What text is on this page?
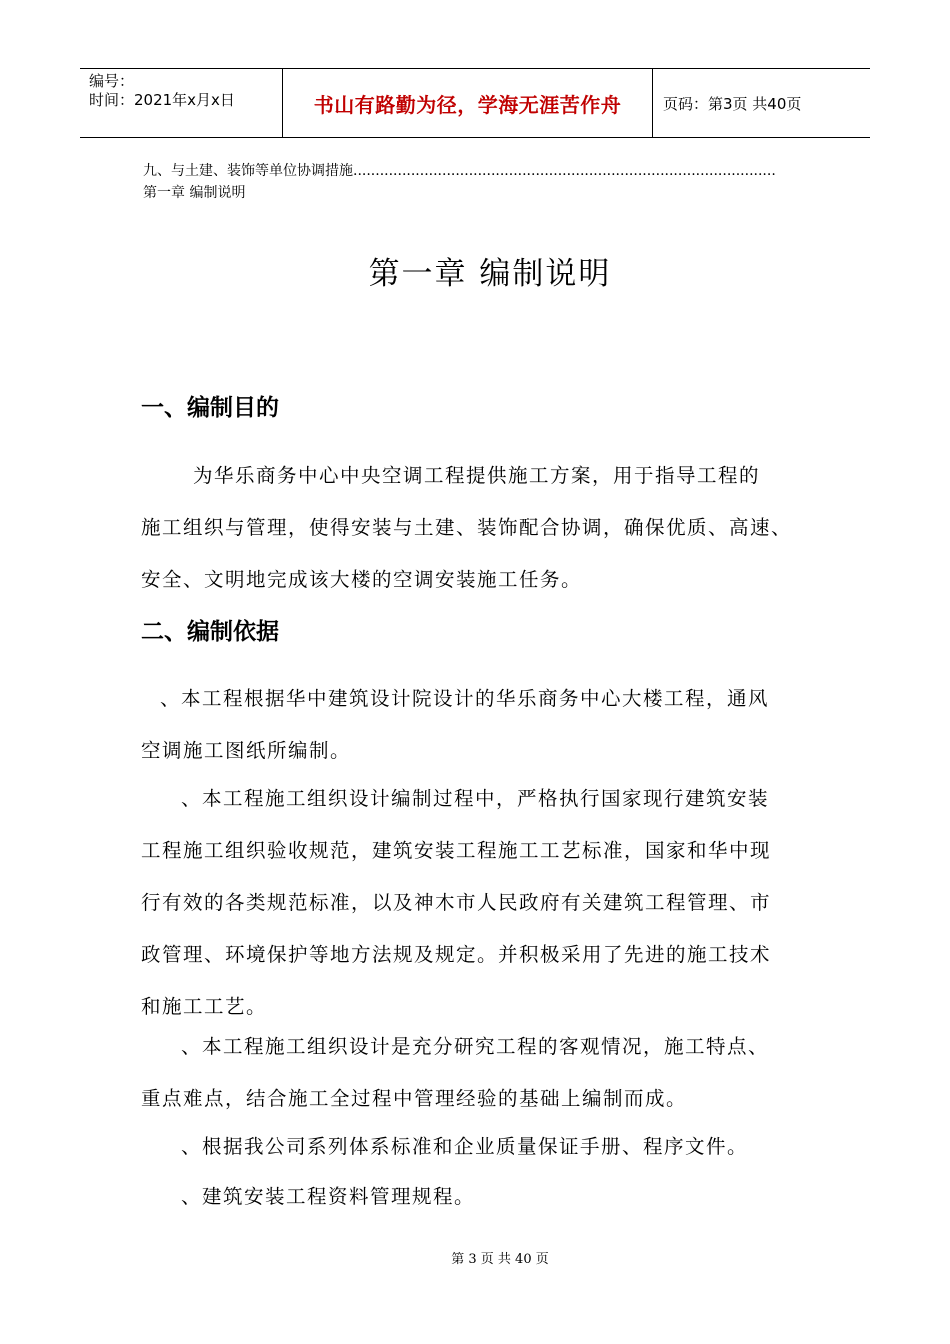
编号：
时间：2021年x月x日	书山有路勤为径，学海无涯苦作舟	页码：第3页 共40页
九、与土建、装饰等单位协调措施...............................................................................................
第一章 编制说明
第一章 编制说明
一、编制目的
为华乐商务中心中央空调工程提供施工方案，用于指导工程的
施工组织与管理，使得安装与土建、装饰配合协调，确保优质、高速、
安全、文明地完成该大楼的空调安装施工任务。
二、编制依据
、本工程根据华中建筑设计院设计的华乐商务中心大楼工程，通风
空调施工图纸所编制。
、本工程施工组织设计编制过程中，严格执行国家现行建筑安装
工程施工组织验收规范，建筑安装工程施工工艺标准，国家和华中现
行有效的各类规范标准，以及神木市人民政府有关建筑工程管理、市
政管理、环境保护等地方法规及规定。并积极采用了先进的施工技术
和施工工艺。
、本工程施工组织设计是充分研究工程的客观情况，施工特点、
重点难点，结合施工全过程中管理经验的基础上编制而成。
、根据我公司系列体系标准和企业质量保证手册、程序文件。
、建筑安装工程资料管理规程。
第 3 页 共 40 页
